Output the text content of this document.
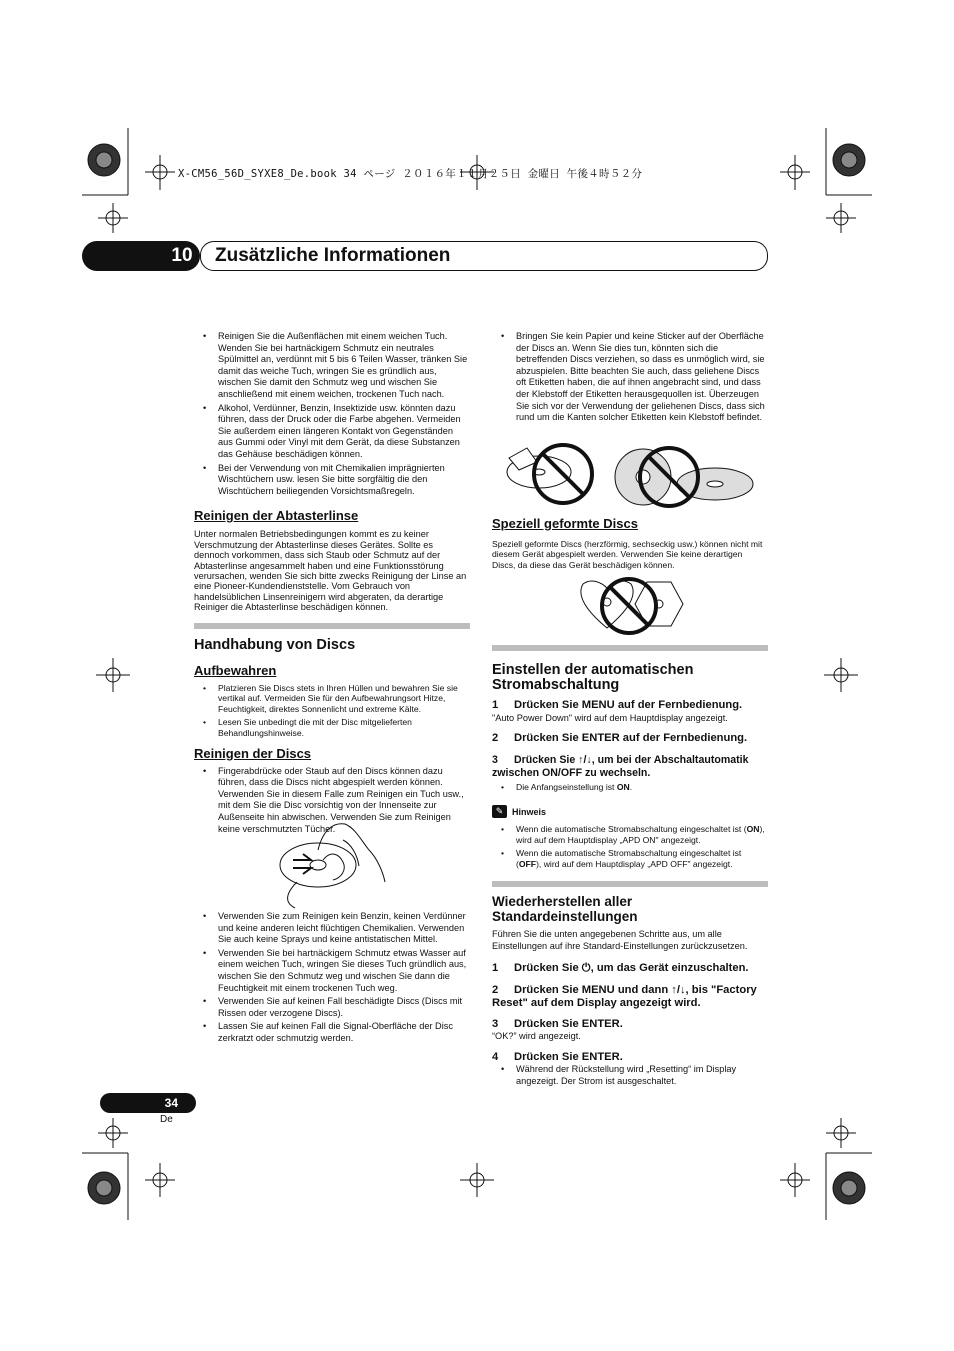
X-CM56_56D_SYXE8_De.book 34 ページ ２０１６年１１月２５日 金曜日 午後４時５２分
10	Zusätzliche Informationen
• Reinigen Sie die Außenflächen mit einem weichen Tuch. Wenden Sie bei hartnäckigem Schmutz ein neutrales Spülmittel an, verdünnt mit 5 bis 6 Teilen Wasser, tränken Sie damit das weiche Tuch, wringen Sie es gründlich aus, wischen Sie damit den Schmutz weg und wischen Sie anschließend mit einem weichen, trockenen Tuch nach.
• Alkohol, Verdünner, Benzin, Insektizide usw. könnten dazu führen, dass der Druck oder die Farbe abgehen. Vermeiden Sie außerdem einen längeren Kontakt von Gegenständen aus Gummi oder Vinyl mit dem Gerät, da diese Substanzen das Gehäuse beschädigen können.
• Bei der Verwendung von mit Chemikalien imprägnierten Wischtüchern usw. lesen Sie bitte sorgfältig die den Wischtüchern beiliegenden Vorsichtsmaßregeln.
Reinigen der Abtasterlinse
Unter normalen Betriebsbedingungen kommt es zu keiner Verschmutzung der Abtasterlinse dieses Gerätes. Sollte es dennoch vorkommen, dass sich Staub oder Schmutz auf der Abtasterlinse angesammelt haben und eine Funktionsstörung verursachen, wenden Sie sich bitte zwecks Reinigung der Linse an eine Pioneer-Kundendienststelle. Vom Gebrauch von handelsüblichen Linsenreinigern wird abgeraten, da derartige Reiniger die Abtasterlinse beschädigen können.
Handhabung von Discs
Aufbewahren
• Platzieren Sie Discs stets in Ihren Hüllen und bewahren Sie sie vertikal auf. Vermeiden Sie für den Aufbewahrungsort Hitze, Feuchtigkeit, direktes Sonnenlicht und extreme Kälte.
• Lesen Sie unbedingt die mit der Disc mitgelieferten Behandlungshinweise.
Reinigen der Discs
• Fingerabdrücke oder Staub auf den Discs können dazu führen, dass die Discs nicht abgespielt werden können. Verwenden Sie in diesem Falle zum Reinigen ein Tuch usw., mit dem Sie die Disc vorsichtig von der Innenseite zur Außenseite hin abwischen. Verwenden Sie zum Reinigen keine verschmutzten Tücher.
• Verwenden Sie zum Reinigen kein Benzin, keinen Verdünner und keine anderen leicht flüchtigen Chemikalien. Verwenden Sie auch keine Sprays und keine antistatischen Mittel.
• Verwenden Sie bei hartnäckigem Schmutz etwas Wasser auf einem weichen Tuch, wringen Sie dieses Tuch gründlich aus, wischen Sie den Schmutz weg und wischen Sie dann die Feuchtigkeit mit einem trockenen Tuch weg.
• Verwenden Sie auf keinen Fall beschädigte Discs (Discs mit Rissen oder verzogene Discs).
• Lassen Sie auf keinen Fall die Signal-Oberfläche der Disc zerkratzt oder schmutzig werden.
• Bringen Sie kein Papier und keine Sticker auf der Oberfläche der Discs an. Wenn Sie dies tun, könnten sich die betreffenden Discs verziehen, so dass es unmöglich wird, sie abzuspielen. Bitte beachten Sie auch, dass geliehene Discs oft Etiketten haben, die auf ihnen angebracht sind, und dass der Klebstoff der Etiketten herausgequollen ist. Überzeugen Sie sich vor der Verwendung der geliehenen Discs, dass sich rund um die Kanten solcher Etiketten kein Klebstoff befindet.
Speziell geformte Discs
Speziell geformte Discs (herzförmig, sechseckig usw.) können nicht mit diesem Gerät abgespielt werden. Verwenden Sie keine derartigen Discs, da diese das Gerät beschädigen können.
Einstellen der automatischen Stromabschaltung
1 Drücken Sie MENU auf der Fernbedienung.
"Auto Power Down" wird auf dem Hauptdisplay angezeigt.
2 Drücken Sie ENTER auf der Fernbedienung.
3 Drücken Sie ↑/↓, um bei der Abschaltautomatik zwischen ON/OFF zu wechseln.
• Die Anfangseinstellung ist ON.
✎ Hinweis
• Wenn die automatische Stromabschaltung eingeschaltet ist (ON), wird auf dem Hauptdisplay „APD ON" angezeigt.
• Wenn die automatische Stromabschaltung eingeschaltet ist (OFF), wird auf dem Hauptdisplay „APD OFF" angezeigt.
Wiederherstellen aller Standardeinstellungen
Führen Sie die unten angegebenen Schritte aus, um alle Einstellungen auf ihre Standard-Einstellungen zurückzusetzen.
1 Drücken Sie ⏻, um das Gerät einzuschalten.
2 Drücken Sie MENU und dann ↑/↓, bis "Factory Reset" auf dem Display angezeigt wird.
3 Drücken Sie ENTER.
“OK?” wird angezeigt.
4 Drücken Sie ENTER.
• Während der Rückstellung wird „Resetting“ im Display angezeigt. Der Strom ist ausgeschaltet.
34
De
